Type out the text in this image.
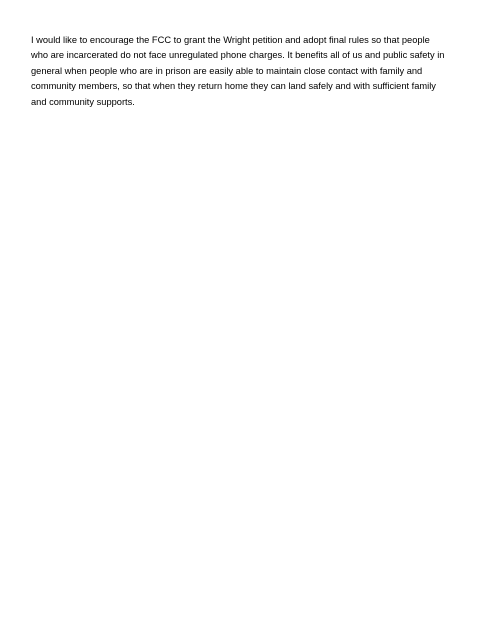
I would like to encourage the FCC to grant the Wright petition and adopt final rules so that people
who are incarcerated do not face unregulated phone charges. It benefits all of us and public safety in
general when people who are in prison are easily able to maintain close contact with family and
community members, so that when they return home they can land safely and with sufficient family
and community supports.
